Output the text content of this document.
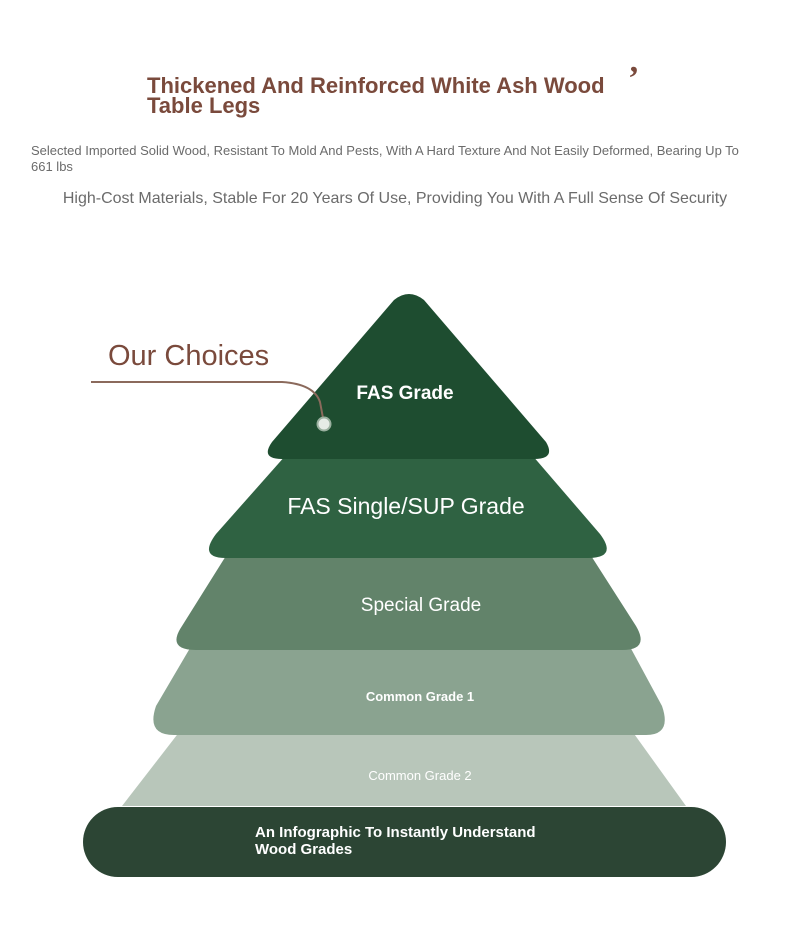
Thickened And Reinforced White Ash Wood Table Legs
’
Selected Imported Solid Wood, Resistant To Mold And Pests, With A Hard Texture And Not Easily Deformed, Bearing Up To 661 lbs
High-Cost Materials, Stable For 20 Years Of Use, Providing You With A Full Sense Of Security
Our Choices
FAS Grade
FAS Single/SUP Grade
Special Grade
Common Grade 1
Common Grade 2
An Infographic To Instantly Understand Wood Grades
